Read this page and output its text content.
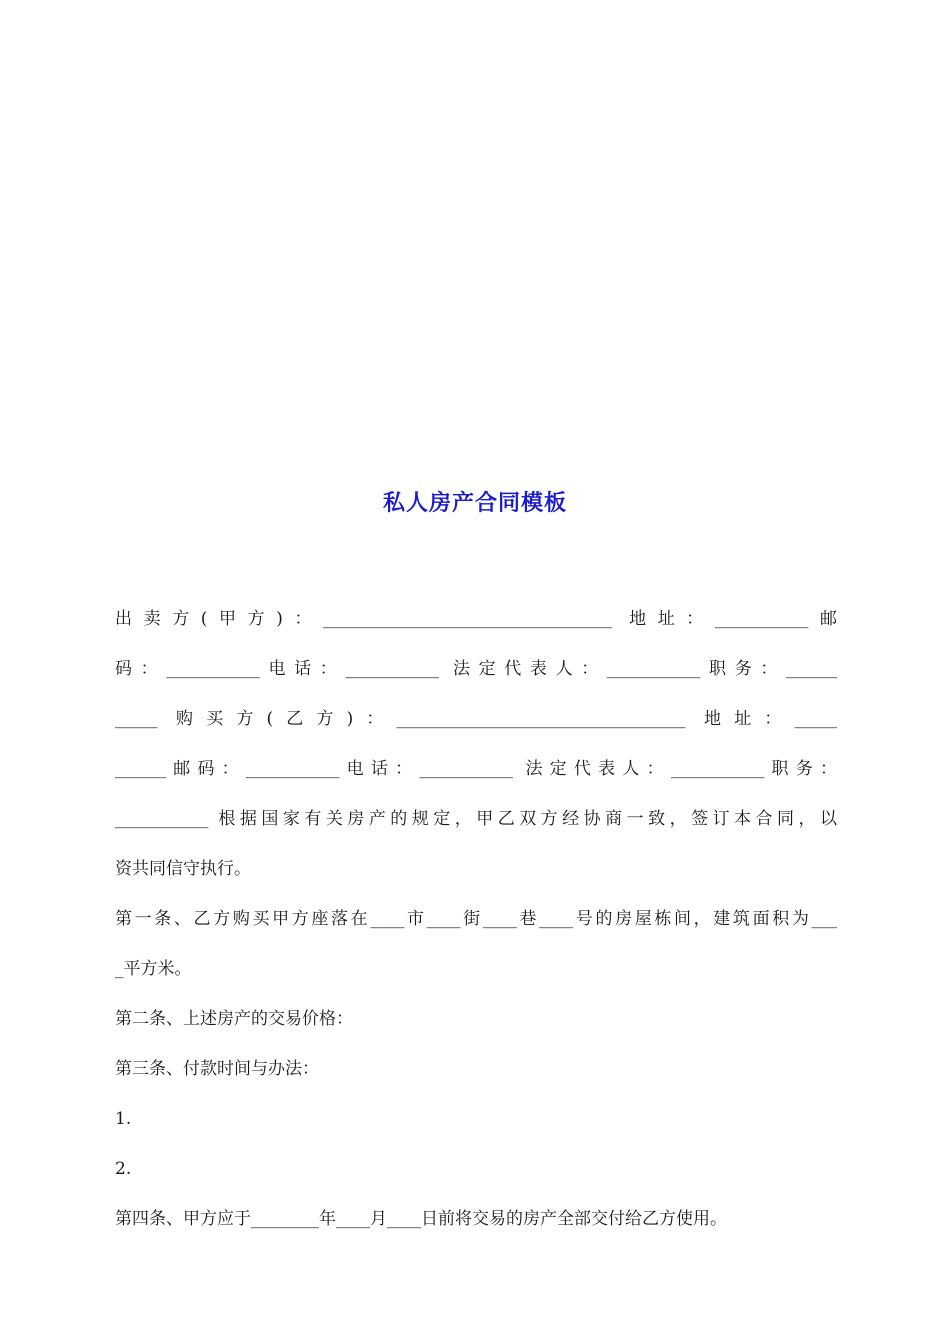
私人房产合同模板
出卖方(甲方)：__________________________________ 地址：___________邮
码：___________电话：___________ 法定代表人：___________职务：______
_____ 购买方(乙方)：__________________________________ 地址：_____
______邮码：___________电话：___________ 法定代表人：___________职务：
___________ 根据国家有关房产的规定，甲乙双方经协商一致，签订本合同，以
资共同信守执行。
第一条、乙方购买甲方座落在____市____街____巷____号的房屋栋间，建筑面积为___
_平方米。
第二条、上述房产的交易价格：
第三条、付款时间与办法：
1.
2.
第四条、甲方应于________年____月____日前将交易的房产全部交付给乙方使用。
